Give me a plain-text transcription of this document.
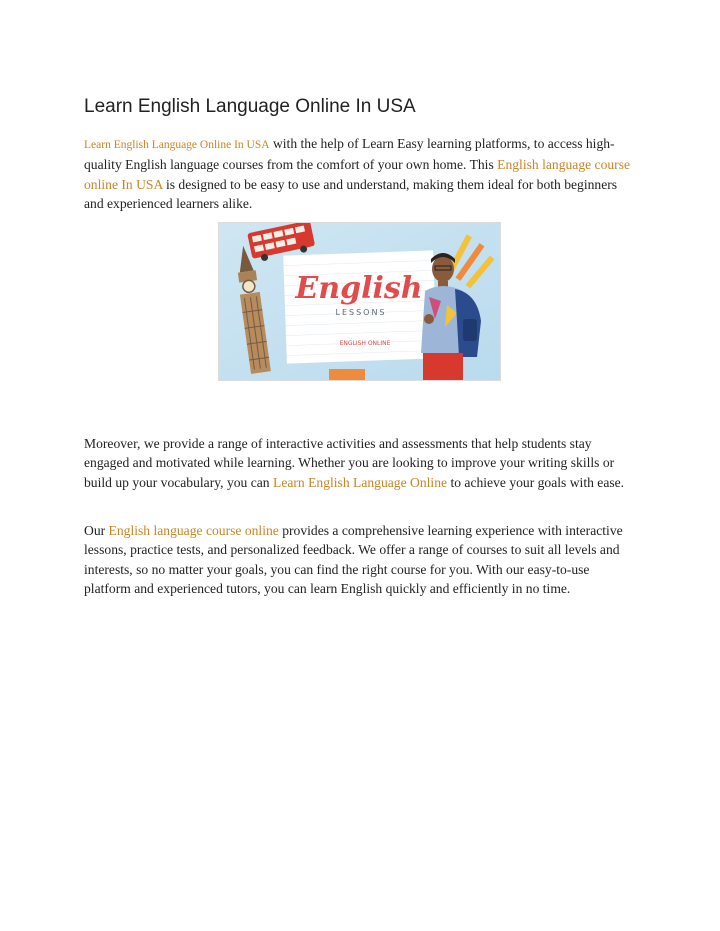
Learn English Language Online In USA

Learn English Language Online In USA with the help of Learn Easy learning platforms, to access high-quality English language courses from the comfort of your own home. This English language course online In USA is designed to be easy to use and understand, making them ideal for both beginners and experienced learners alike.

English
LESSONS
ENGLISH ONLINE

Moreover, we provide a range of interactive activities and assessments that help students stay engaged and motivated while learning. Whether you are looking to improve your writing skills or build up your vocabulary, you can Learn English Language Online to achieve your goals with ease.

Our English language course online provides a comprehensive learning experience with interactive lessons, practice tests, and personalized feedback. We offer a range of courses to suit all levels and interests, so no matter your goals, you can find the right course for you. With our easy-to-use platform and experienced tutors, you can learn English quickly and efficiently in no time.
